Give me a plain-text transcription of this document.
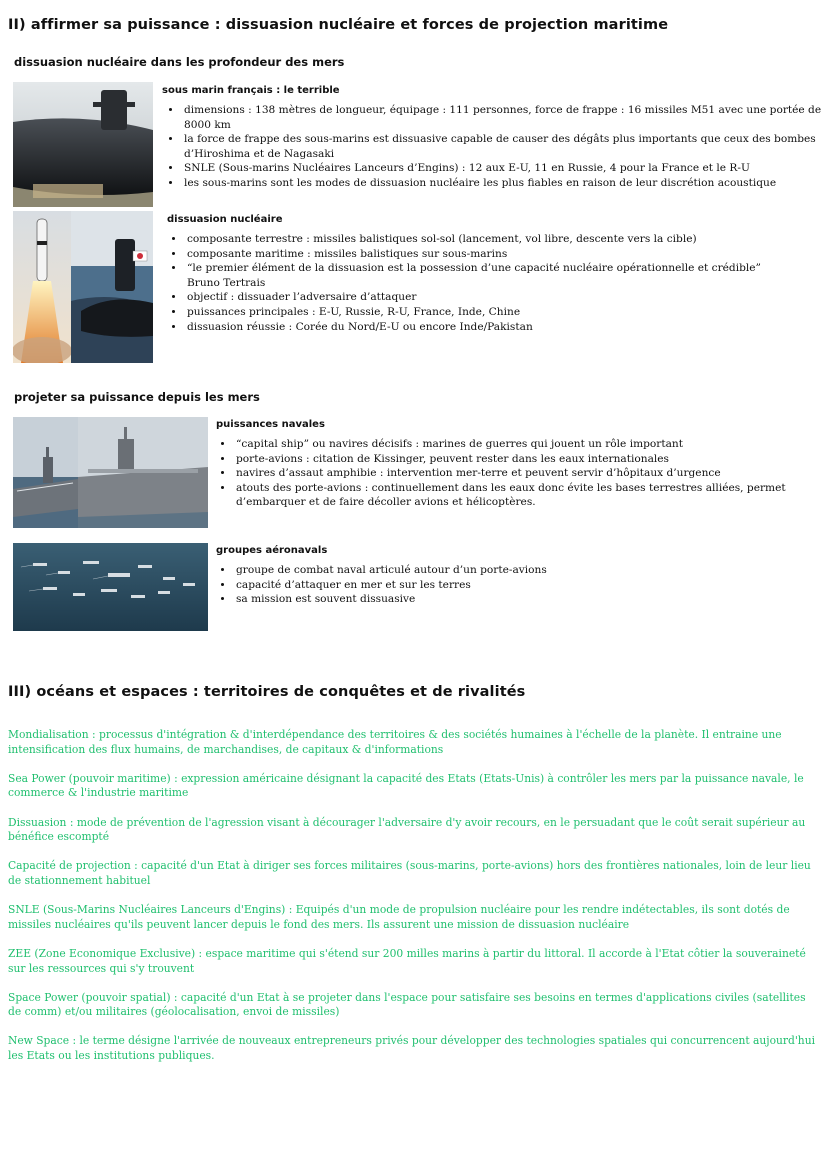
II) affirmer sa puissance : dissuasion nucléaire et forces de projection maritime
dissuasion nucléaire dans les profondeur des mers
sous marin français : le terrible
• dimensions : 138 mètres de longueur, équipage : 111 personnes, force de frappe : 16 missiles M51 avec une portée de 8000 km
• la force de frappe des sous-marins est dissuasive capable de causer des dégâts plus importants que ceux des bombes d’Hiroshima et de Nagasaki
• SNLE (Sous-marins Nucléaires Lanceurs d’Engins) : 12 aux E-U, 11 en Russie, 4 pour la France et le R-U
• les sous-marins sont les modes de dissuasion nucléaire les plus fiables en raison de leur discrétion acoustique
dissuasion nucléaire
• composante terrestre : missiles balistiques sol-sol (lancement, vol libre, descente vers la cible)
• composante maritime : missiles balistiques sur sous-marins
• “le premier élément de la dissuasion est la possession d’une capacité nucléaire opérationnelle et crédible” Bruno Tertrais
• objectif : dissuader l’adversaire d’attaquer
• puissances principales : E-U, Russie, R-U, France, Inde, Chine
• dissuasion réussie : Corée du Nord/E-U ou encore Inde/Pakistan
projeter sa puissance depuis les mers
puissances navales
• “capital ship” ou navires décisifs : marines de guerres qui jouent un rôle important
• porte-avions : citation de Kissinger, peuvent rester dans les eaux internationales
• navires d’assaut amphibie : intervention mer-terre et peuvent servir d’hôpitaux d’urgence
• atouts des porte-avions : continuellement dans les eaux donc évite les bases terrestres alliées, permet d’embarquer et de faire décoller avions et hélicoptères.
groupes aéronavals
• groupe de combat naval articulé autour d’un porte-avions
• capacité d’attaquer en mer et sur les terres
• sa mission est souvent dissuasive
III) océans et espaces : territoires de conquêtes et de rivalités

Mondialisation : processus d'intégration & d'interdépendance des territoires & des sociétés humaines à l'échelle de la planète. Il entraine une intensification des flux humains, de marchandises, de capitaux & d'informations

Sea Power (pouvoir maritime) : expression américaine désignant la capacité des Etats (Etats-Unis) à contrôler les mers par la puissance navale, le commerce & l'industrie maritime

Dissuasion : mode de prévention de l'agression visant à décourager l'adversaire d'y avoir recours, en le persuadant que le coût serait supérieur au bénéfice escompté

Capacité de projection : capacité d'un Etat à diriger ses forces militaires (sous-marins, porte-avions) hors des frontières nationales, loin de leur lieu de stationnement habituel

SNLE (Sous-Marins Nucléaires Lanceurs d'Engins) : Equipés d'un mode de propulsion nucléaire pour les rendre indétectables, ils sont dotés de missiles nucléaires qu'ils peuvent lancer depuis le fond des mers. Ils assurent une mission de dissuasion nucléaire

ZEE (Zone Economique Exclusive) : espace maritime qui s'étend sur 200 milles marins à partir du littoral. Il accorde à l'Etat côtier la souveraineté sur les ressources qui s'y trouvent

Space Power (pouvoir spatial) : capacité d'un Etat à se projeter dans l'espace pour satisfaire ses besoins en termes d'applications civiles (satellites de comm) et/ou militaires (géolocalisation, envoi de missiles)

New Space : le terme désigne l'arrivée de nouveaux entrepreneurs privés pour développer des technologies spatiales qui concurrencent aujourd'hui les Etats ou les institutions publiques.
